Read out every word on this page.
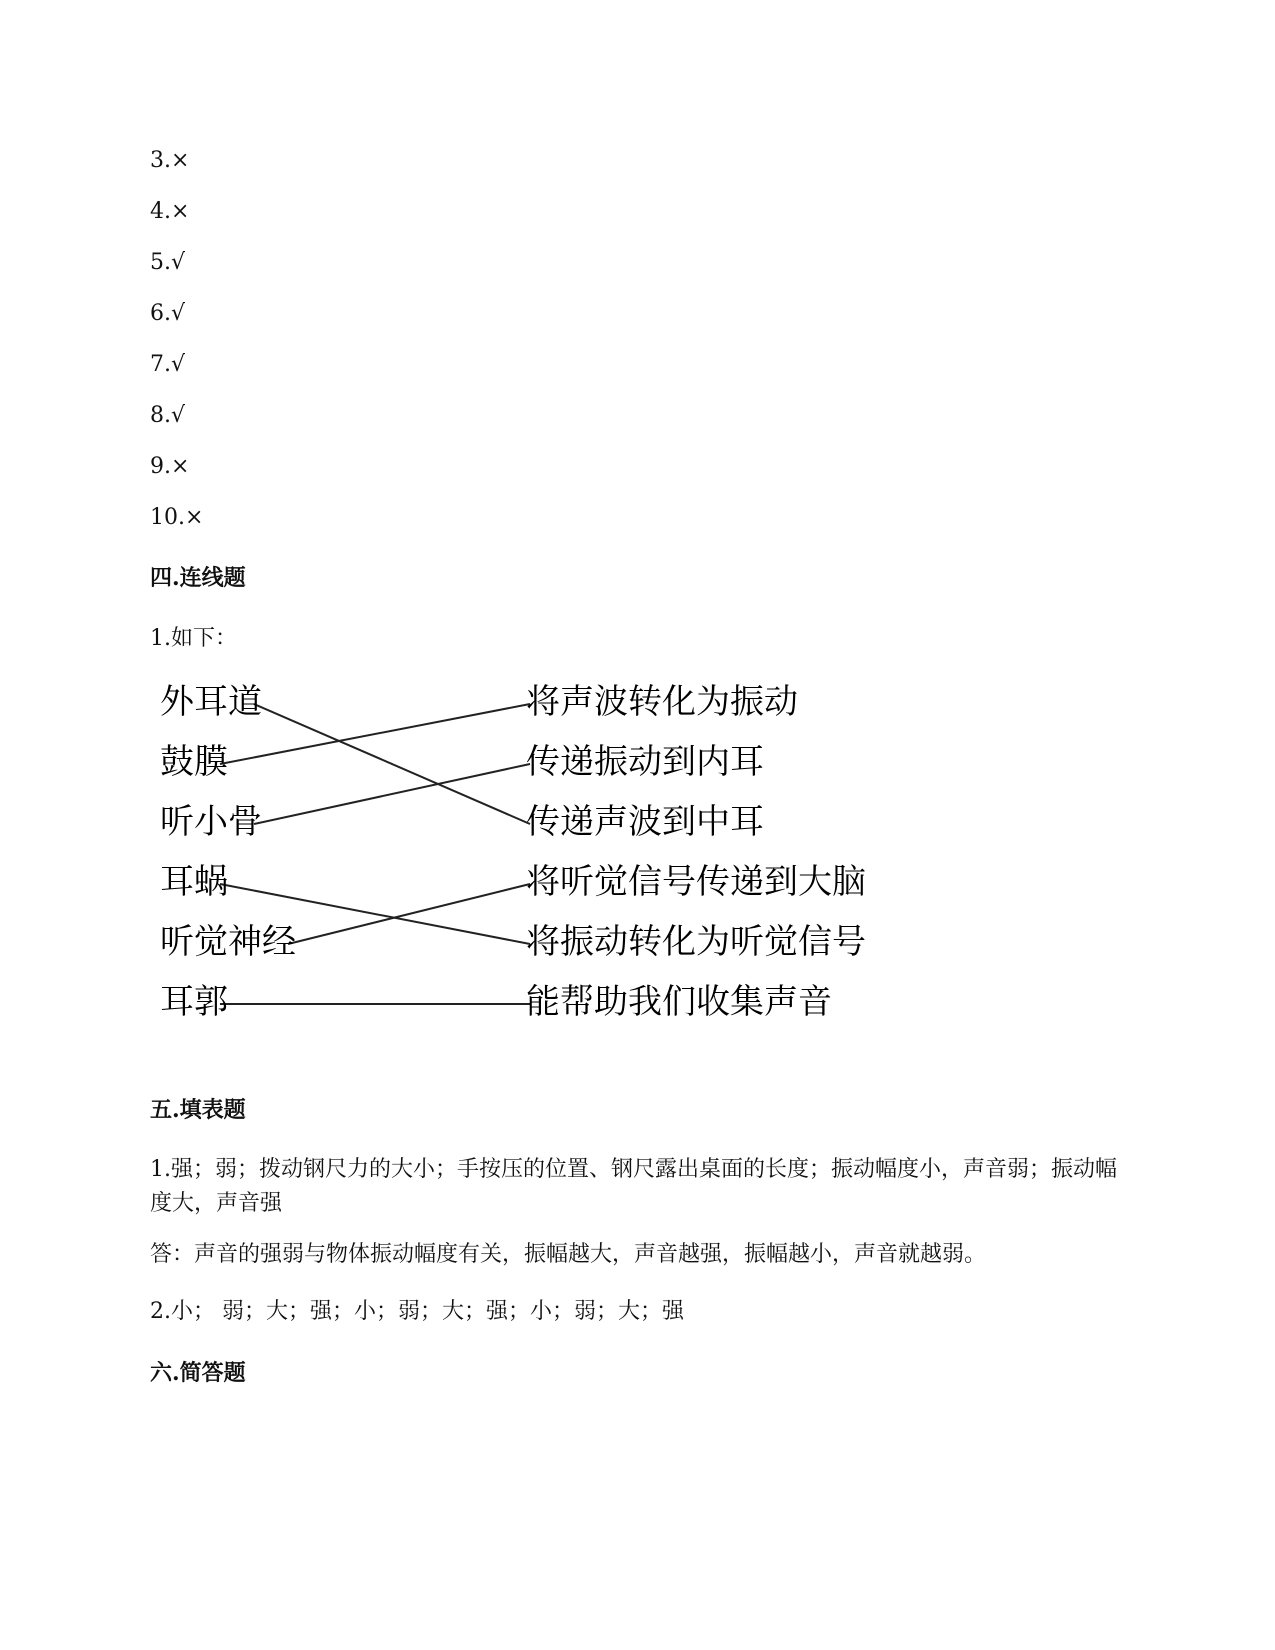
3.×
4.×
5.√
6.√
7.√
8.√
9.×
10.×
四.连线题
1.如下：
外耳道
鼓膜
听小骨
耳蜗
听觉神经
耳郭
将声波转化为振动
传递振动到内耳
传递声波到中耳
将听觉信号传递到大脑
将振动转化为听觉信号
能帮助我们收集声音
五.填表题
1.强；弱；拨动钢尺力的大小；手按压的位置、钢尺露出桌面的长度；振动幅度小，声音弱；振动幅度大，声音强
答：声音的强弱与物体振动幅度有关，振幅越大，声音越强，振幅越小，声音就越弱。
2.小； 弱；大；强；小；弱；大；强；小；弱；大；强
六.简答题
